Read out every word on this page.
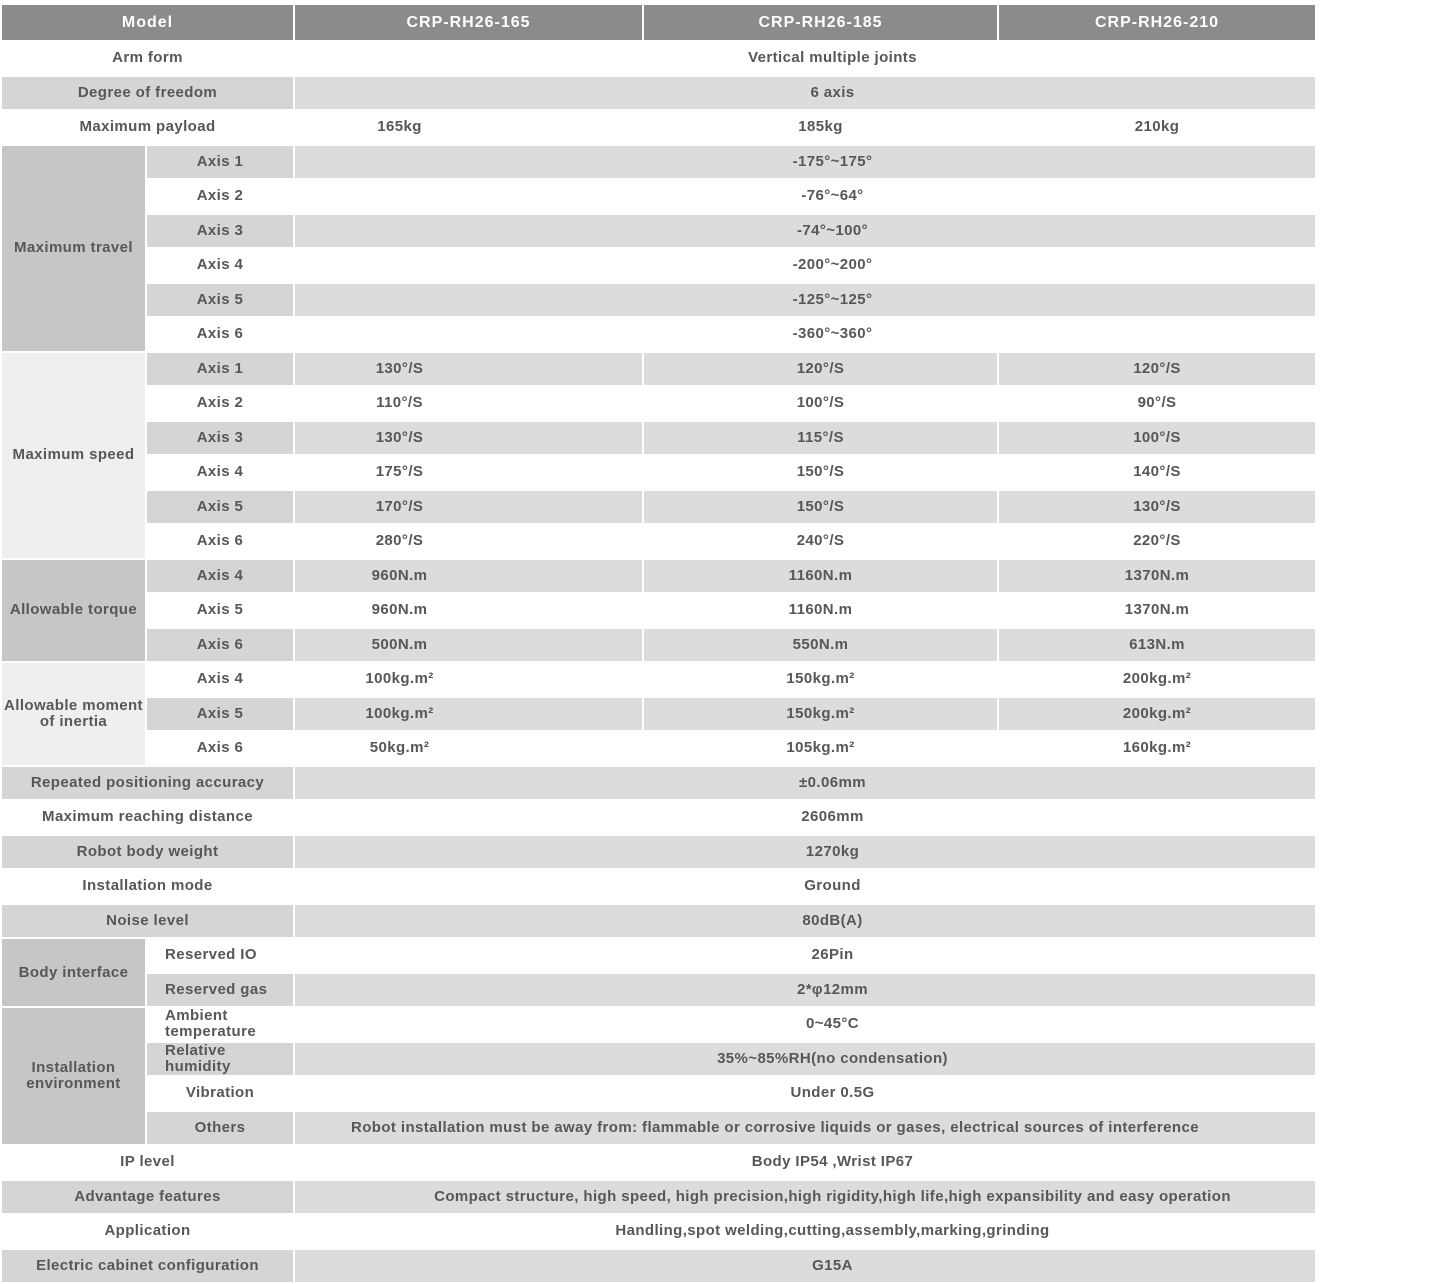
Model		CRP-RH26-165	CRP-RH26-185	CRP-RH26-210
Arm form		Vertical multiple joints		
Degree of freedom		6 axis		
Maximum payload		165kg	185kg	210kg
Maximum travel	Axis 1	-175°~175°		
	Axis 2	-76°~64°		
	Axis 3	-74°~100°		
	Axis 4	-200°~200°		
	Axis 5	-125°~125°		
	Axis 6	-360°~360°		
Maximum speed	Axis 1	130°/S	120°/S	120°/S
	Axis 2	110°/S	100°/S	90°/S
	Axis 3	130°/S	115°/S	100°/S
	Axis 4	175°/S	150°/S	140°/S
	Axis 5	170°/S	150°/S	130°/S
	Axis 6	280°/S	240°/S	220°/S
Allowable torque	Axis 4	960N.m	1160N.m	1370N.m
	Axis 5	960N.m	1160N.m	1370N.m
	Axis 6	500N.m	550N.m	613N.m
Allowable moment of inertia	Axis 4	100kg.m²	150kg.m²	200kg.m²
	Axis 5	100kg.m²	150kg.m²	200kg.m²
	Axis 6	50kg.m²	105kg.m²	160kg.m²
Repeated positioning accuracy		±0.06mm		
Maximum reaching distance		2606mm		
Robot body weight		1270kg		
Installation mode		Ground		
Noise level		80dB(A)		
Body interface	Reserved IO	26Pin		
	Reserved gas	2*φ12mm		
Installation environment	Ambient temperature	0~45°C		
	Relative humidity	35%~85%RH(no condensation)		
	Vibration	Under 0.5G		
	Others	Robot installation must be away from: flammable or corrosive liquids or gases, electrical sources of interference		
IP level		Body IP54 ,Wrist IP67		
Advantage features		Compact structure, high speed, high precision,high rigidity,high life,high expansibility and easy operation		
Application		Handling,spot welding,cutting,assembly,marking,grinding		
Electric cabinet configuration		G15A		
